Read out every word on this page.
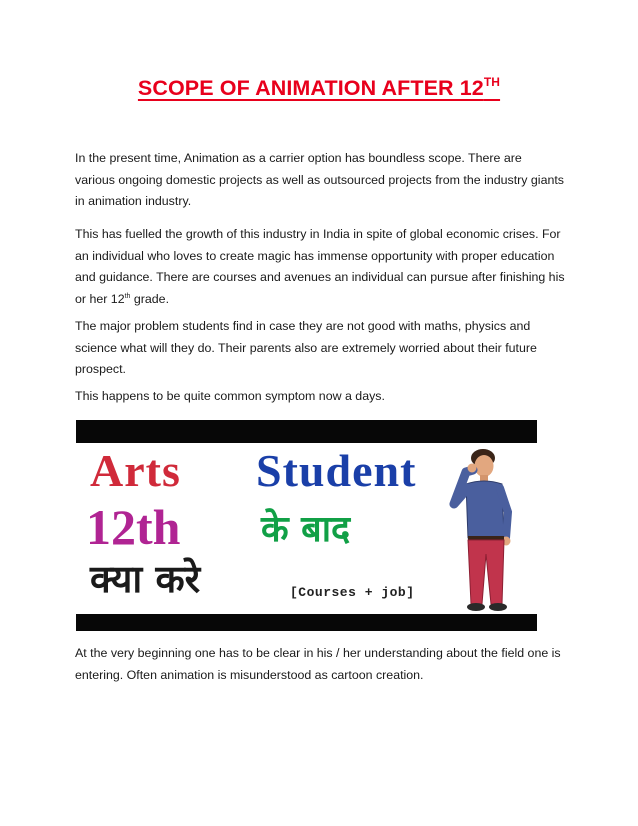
SCOPE OF ANIMATION AFTER 12TH

In the present time, Animation as a carrier option has boundless scope. There are various ongoing domestic projects as well as outsourced projects from the industry giants in animation industry.

This has fuelled the growth of this industry in India in spite of global economic crises. For an individual who loves to create magic has immense opportunity with proper education and guidance. There are courses and avenues an individual can pursue after finishing his or her 12th grade.

The major problem students find in case they are not good with maths, physics and science what will they do. Their parents also are extremely worried about their future prospect.

This happens to be quite common symptom now a days.

Arts Student
12th के बाद
क्या करे	[Courses + job]

At the very beginning one has to be clear in his / her understanding about the field one is entering. Often animation is misunderstood as cartoon creation.
